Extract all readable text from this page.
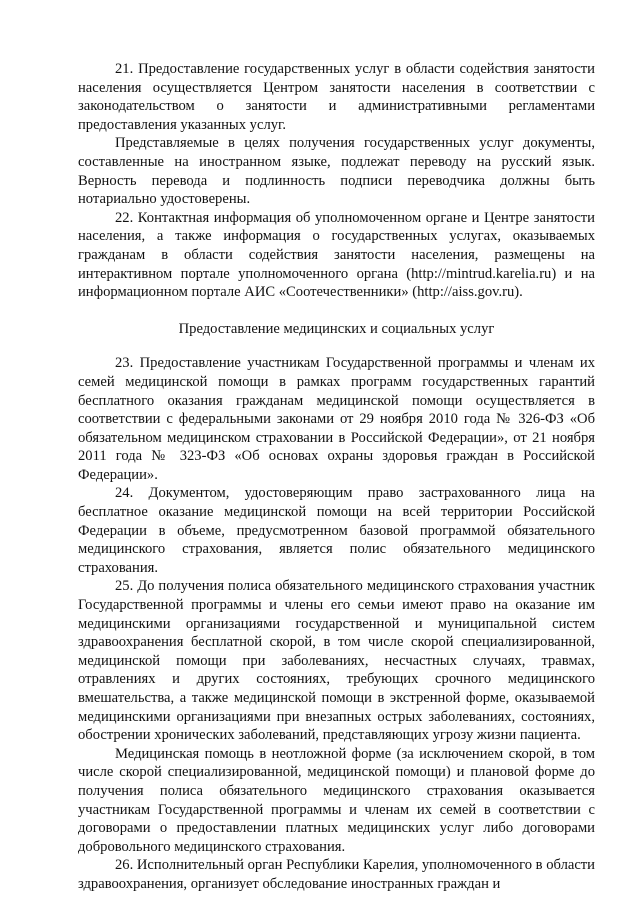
21. Предоставление государственных услуг в области содействия занятости населения осуществляется Центром занятости населения в соответствии с законодательством о занятости и административными регламентами предоставления указанных услуг.

Представляемые в целях получения государственных услуг документы, составленные на иностранном языке, подлежат переводу на русский язык. Верность перевода и подлинность подписи переводчика должны быть нотариально удостоверены.

22. Контактная информация об уполномоченном органе и Центре занятости населения, а также информация о государственных услугах, оказываемых гражданам в области содействия занятости населения, размещены на интерактивном портале уполномоченного органа (http://mintrud.karelia.ru) и на информационном портале АИС «Соотечественники» (http://aiss.gov.ru).

Предоставление медицинских и социальных услуг

23. Предоставление участникам Государственной программы и членам их семей медицинской помощи в рамках программ государственных гарантий бесплатного оказания гражданам медицинской помощи осуществляется в соответствии с федеральными законами от 29 ноября 2010 года № 326-ФЗ «Об обязательном медицинском страховании в Российской Федерации», от 21 ноября 2011 года № 323-ФЗ «Об основах охраны здоровья граждан в Российской Федерации».

24. Документом, удостоверяющим право застрахованного лица на бесплатное оказание медицинской помощи на всей территории Российской Федерации в объеме, предусмотренном базовой программой обязательного медицинского страхования, является полис обязательного медицинского страхования.

25. До получения полиса обязательного медицинского страхования участник Государственной программы и члены его семьи имеют право на оказание им медицинскими организациями государственной и муниципальной систем здравоохранения бесплатной скорой, в том числе скорой специализированной, медицинской помощи при заболеваниях, несчастных случаях, травмах, отравлениях и других состояниях, требующих срочного медицинского вмешательства, а также медицинской помощи в экстренной форме, оказываемой медицинскими организациями при внезапных острых заболеваниях, состояниях, обострении хронических заболеваний, представляющих угрозу жизни пациента.

Медицинская помощь в неотложной форме (за исключением скорой, в том числе скорой специализированной, медицинской помощи) и плановой форме до получения полиса обязательного медицинского страхования оказывается участникам Государственной программы и членам их семей в соответствии с договорами о предоставлении платных медицинских услуг либо договорами добровольного медицинского страхования.

26. Исполнительный орган Республики Карелия, уполномоченного в области здравоохранения, организует обследование иностранных граждан и
